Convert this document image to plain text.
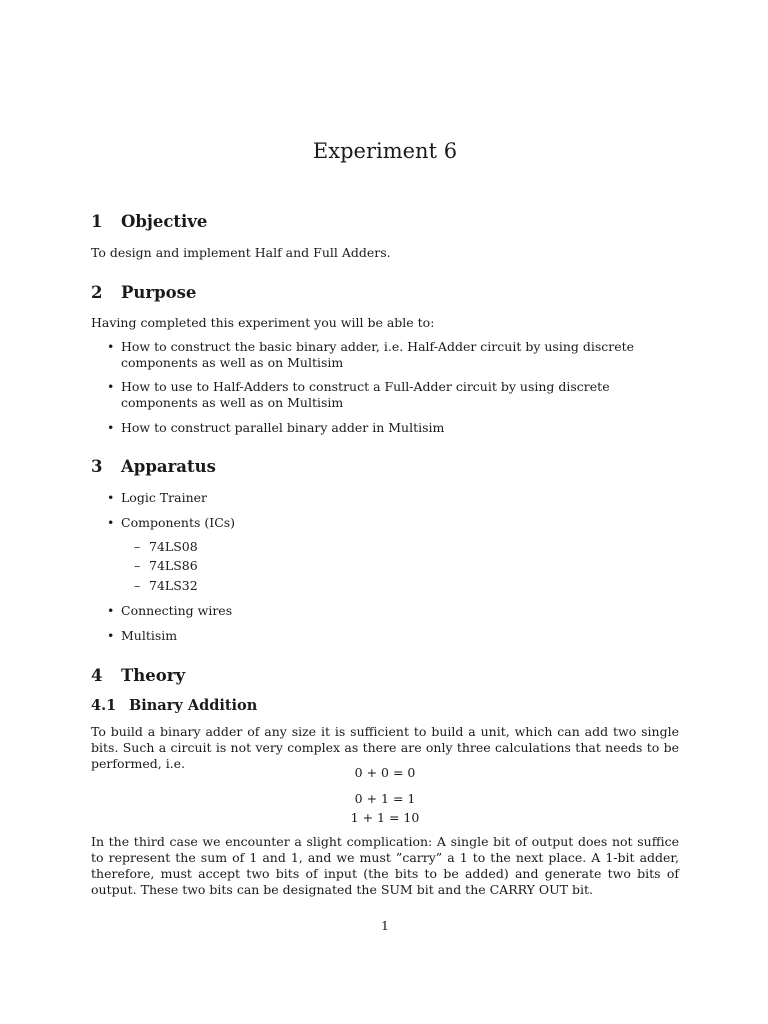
Experiment 6
1 Objective
To design and implement Half and Full Adders.
2 Purpose
Having completed this experiment you will be able to:
• How to construct the basic binary adder, i.e. Half-Adder circuit by using discrete components as well as on Multisim
• How to use to Half-Adders to construct a Full-Adder circuit by using discrete components as well as on Multisim
• How to construct parallel binary adder in Multisim
3 Apparatus
• Logic Trainer
• Components (ICs)
– 74LS08
– 74LS86
– 74LS32
• Connecting wires
• Multisim
4 Theory
4.1 Binary Addition
To build a binary adder of any size it is sufficient to build a unit, which can add two single bits. Such a circuit is not very complex as there are only three calculations that needs to be performed, i.e.
0 + 0 = 0
0 + 1 = 1
1 + 1 = 10
In the third case we encounter a slight complication: A single bit of output does not suffice to represent the sum of 1 and 1, and we must ”carry” a 1 to the next place. A 1-bit adder, therefore, must accept two bits of input (the bits to be added) and generate two bits of output. These two bits can be designated the SUM bit and the CARRY OUT bit.
1
